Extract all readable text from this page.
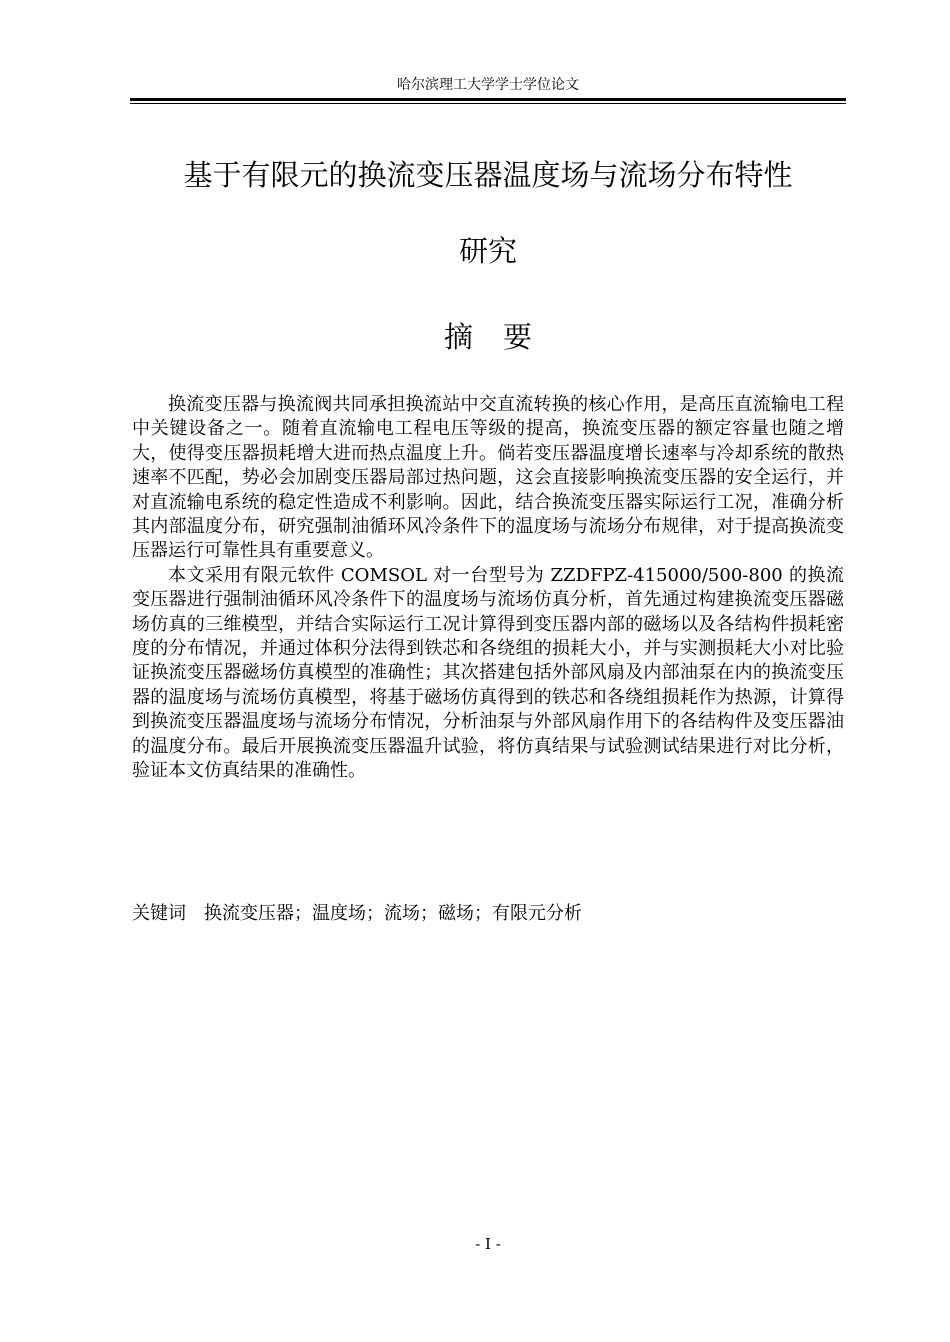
哈尔滨理工大学学士学位论文
基于有限元的换流变压器温度场与流场分布特性
研究
摘要

换流变压器与换流阀共同承担换流站中交直流转换的核心作用，是高压直流输电工程中关键设备之一。随着直流输电工程电压等级的提高，换流变压器的额定容量也随之增大，使得变压器损耗增大进而热点温度上升。倘若变压器温度增长速率与冷却系统的散热速率不匹配，势必会加剧变压器局部过热问题，这会直接影响换流变压器的安全运行，并对直流输电系统的稳定性造成不利影响。因此，结合换流变压器实际运行工况，准确分析其内部温度分布，研究强制油循环风冷条件下的温度场与流场分布规律，对于提高换流变压器运行可靠性具有重要意义。

本文采用有限元软件 COMSOL 对一台型号为 ZZDFPZ-415000/500-800 的换流变压器进行强制油循环风冷条件下的温度场与流场仿真分析，首先通过构建换流变压器磁场仿真的三维模型，并结合实际运行工况计算得到变压器内部的磁场以及各结构件损耗密度的分布情况，并通过体积分法得到铁芯和各绕组的损耗大小，并与实测损耗大小对比验证换流变压器磁场仿真模型的准确性；其次搭建包括外部风扇及内部油泵在内的换流变压器的温度场与流场仿真模型，将基于磁场仿真得到的铁芯和各绕组损耗作为热源，计算得到换流变压器温度场与流场分布情况，分析油泵与外部风扇作用下的各结构件及变压器油的温度分布。最后开展换流变压器温升试验，将仿真结果与试验测试结果进行对比分析，验证本文仿真结果的准确性。

关键词 换流变压器；温度场；流场；磁场；有限元分析
- I -
